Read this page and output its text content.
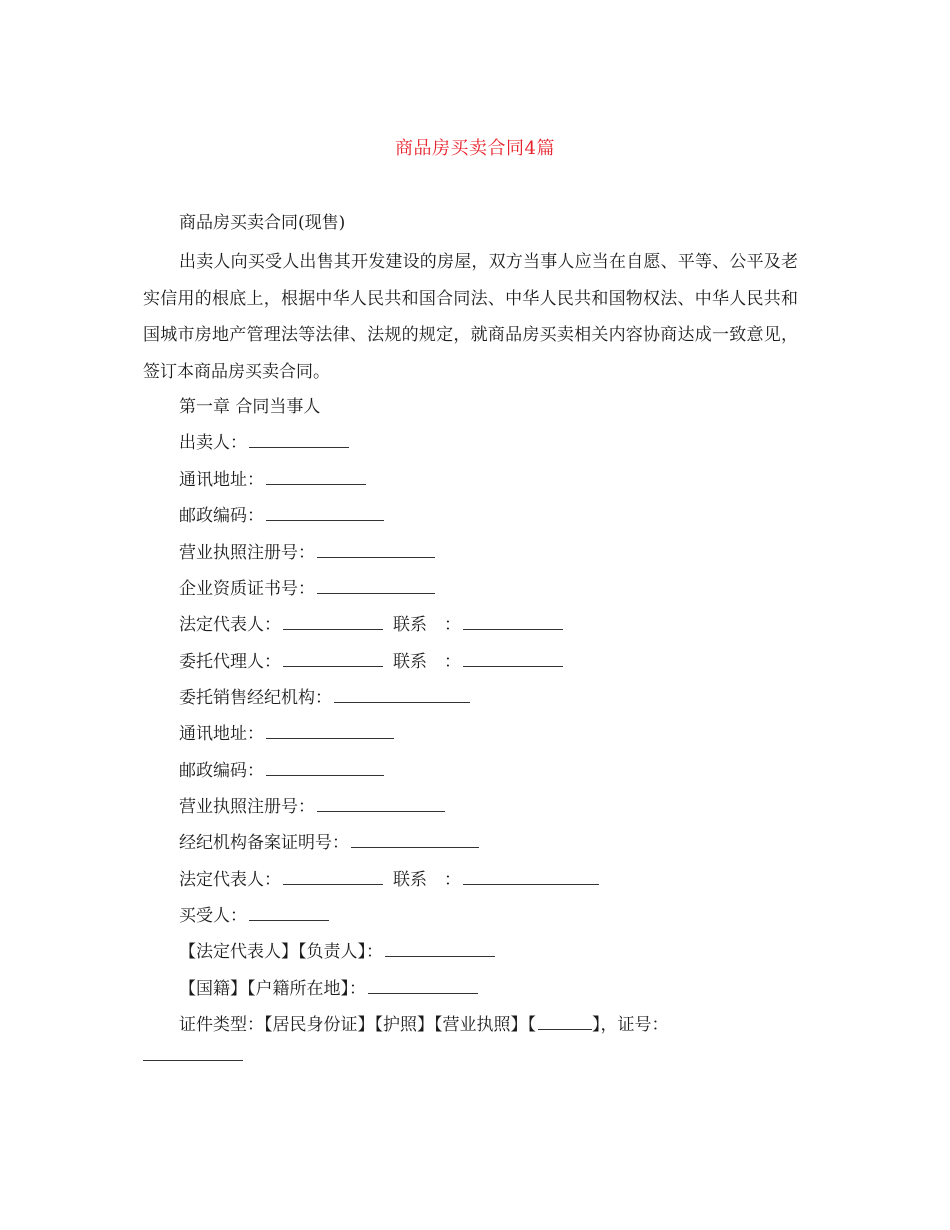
商品房买卖合同4篇
商品房买卖合同(现售)
出卖人向买受人出售其开发建设的房屋，双方当事人应当在自愿、平等、公平及老实信用的根底上，根据中华人民共和国合同法、中华人民共和国物权法、中华人民共和国城市房地产管理法等法律、法规的规定，就商品房买卖相关内容协商达成一致意见，签订本商品房买卖合同。
第一章 合同当事人
出卖人：
通讯地址：
邮政编码：
营业执照注册号：
企业资质证书号：
法定代表人：	联系　：
委托代理人：	联系　：
委托销售经纪机构：
通讯地址：
邮政编码：
营业执照注册号：
经纪机构备案证明号：
法定代表人：	联系　：
买受人：
【法定代表人】【负责人】：
【国籍】【户籍所在地】：
证件类型：【居民身份证】【护照】【营业执照】【	】，证号：
